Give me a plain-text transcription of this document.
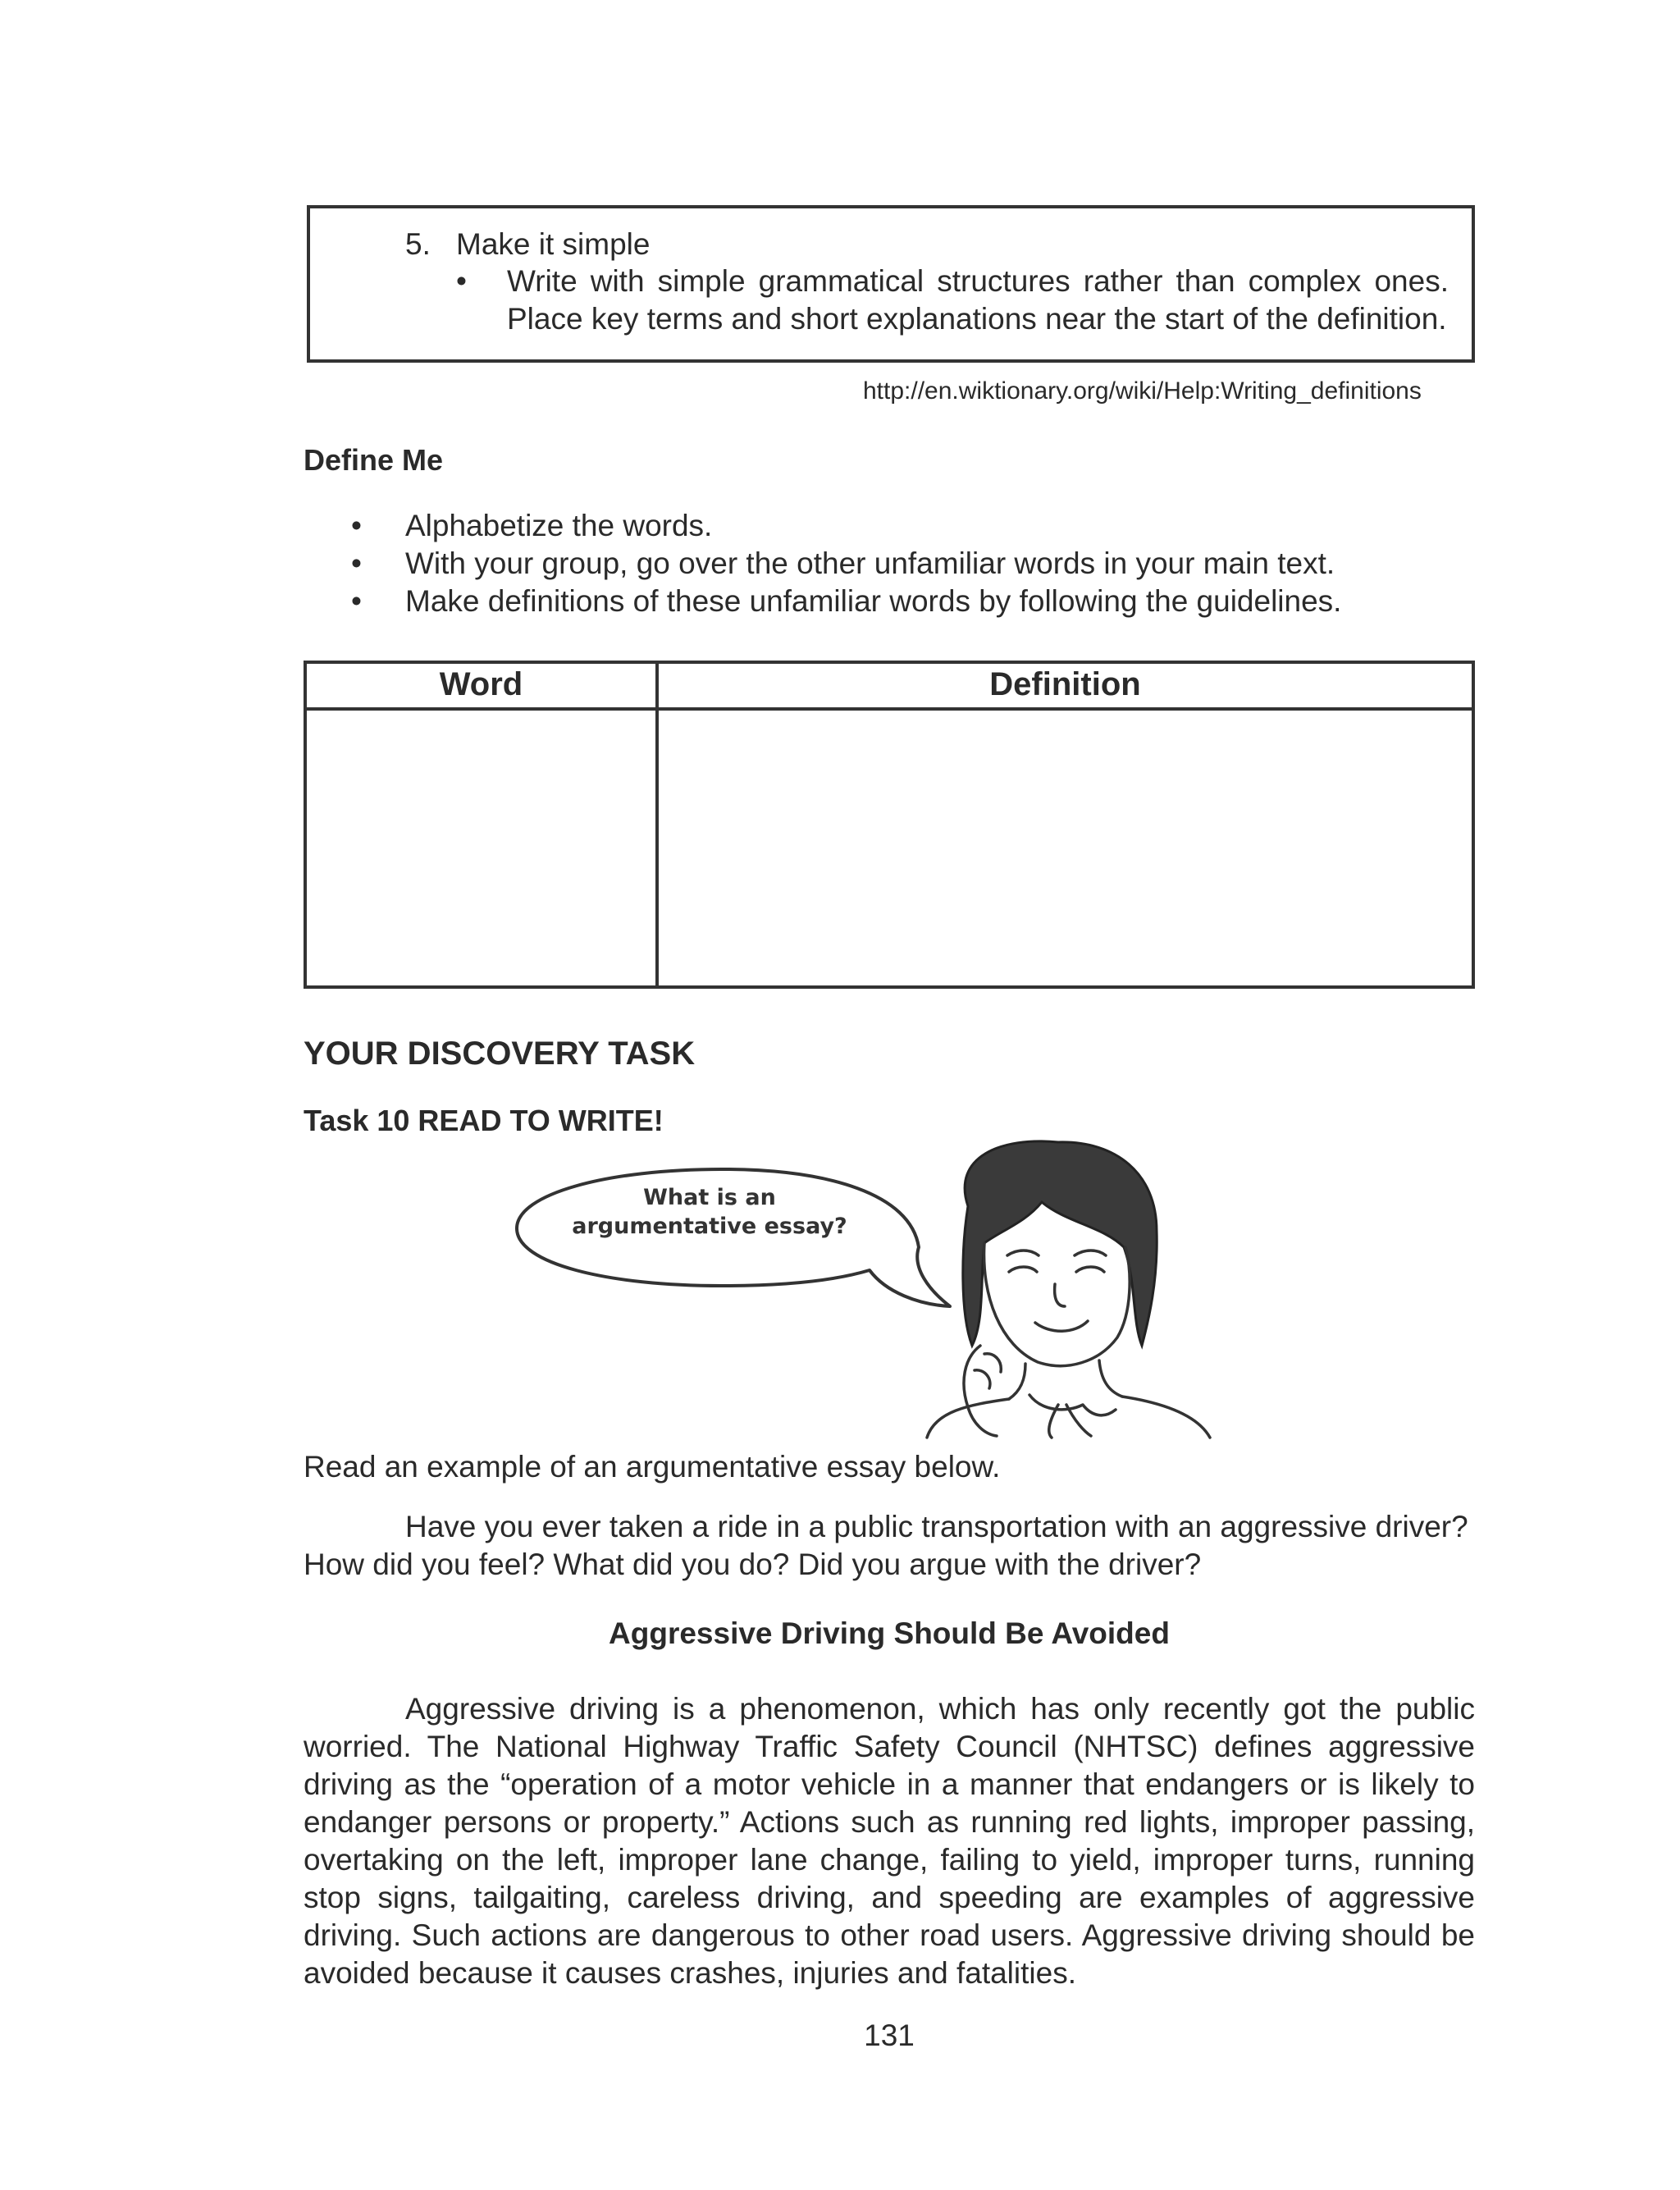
5. Make it simple
• Write with simple grammatical structures rather than complex ones. Place key terms and short explanations near the start of the definition.
http://en.wiktionary.org/wiki/Help:Writing_definitions
Define Me
• Alphabetize the words.
• With your group, go over the other unfamiliar words in your main text.
• Make definitions of these unfamiliar words by following the guidelines.
Word	Definition
YOUR DISCOVERY TASK
Task 10 READ TO WRITE!
What is an
argumentative essay?
Read an example of an argumentative essay below.
Have you ever taken a ride in a public transportation with an aggressive driver?
How did you feel? What did you do? Did you argue with the driver?
Aggressive Driving Should Be Avoided
Aggressive driving is a phenomenon, which has only recently got the public worried. The National Highway Traffic Safety Council (NHTSC) defines aggressive driving as the “operation of a motor vehicle in a manner that endangers or is likely to endanger persons or property.” Actions such as running red lights, improper passing, overtaking on the left, improper lane change, failing to yield, improper turns, running stop signs, tailgaiting, careless driving, and speeding are examples of aggressive driving. Such actions are dangerous to other road users. Aggressive driving should be avoided because it causes crashes, injuries and fatalities.
131
